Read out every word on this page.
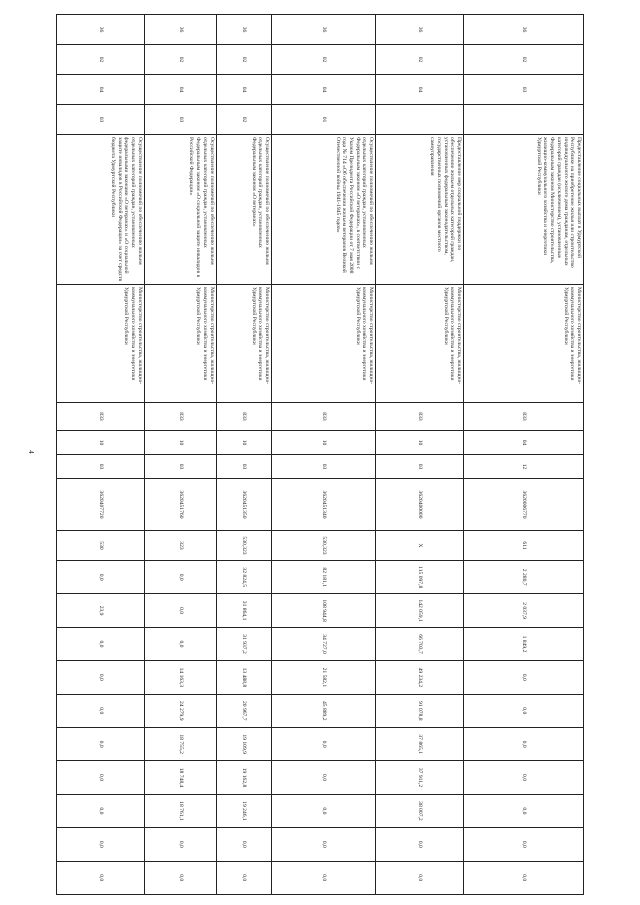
4
36	02	03		Предоставление социальных выплат в Удмуртской Республике на приобретение жилья или строительство индивидуального жилого дома гражданам, отдельных категорий граждан (исключением), установленные Федеральным законом Министерство строительства, жилищно-коммунального хозяйства и энергетики Удмуртской Республики	Министерство строительства, жилищно-коммунального хозяйства и энергетики Удмуртской Республики	833	04	12	3620006770	611	2 280,7	2 037,9	1 849,2	0,0	0,0	0,0	0,0	0,0	0,0	0,0
36	02	04		Предоставление мер социальной поддержки по обеспечению жильем отдельных категорий граждан, установленных федеральным законодательством, государственных полномочий органов местного самоуправления	Министерство строительства, жилищно-коммунального хозяйства и энергетики Удмуртской Республики	833	10	03	3620400000	Х	115 097,8	142 059,1	66 703,7	49 234,2	91 078,8	37 865,1	37 911,2	38 007,2	0,0	0,0
36	02	04	01	Осуществление полномочий по обеспечению жильем отдельных категорий граждан, установленных Федеральным законом «О ветеранах», в соответствии с Указом Президента Российской Федерации от 7 мая 2008 года № 714 «Об обеспечении жильем ветеранов Великой Отечественной войны 1941-1945 годов»	Министерство строительства, жилищно-коммунального хозяйства и энергетики Удмуртской Республики	833	10	03	3620451340	530,323	82 181,1	108 944,8	34 727,0	21 582,1	45 889,2	0,0	0,0	0,0	0,0	0,0
36	02	04	02	Осуществление полномочий по обеспечению жильем отдельных категорий граждан, установленных Федеральным законом «О ветеранах»	Министерство строительства, жилищно-коммунального хозяйства и энергетики Удмуртской Республики	833	10	03	3620451350	530,323	32 824,5	31 864,1	31 937,2	13 488,8	20 967,7	19 109,9	19 162,8	19 246,1	0,0	0,0
36	02	04	03	Осуществление полномочий по обеспечению жильем отдельных категорий граждан, установленных Федеральным законом «О социальной защите инвалидов в Российской Федерации»	Министерство строительства, жилищно-коммунального хозяйства и энергетики Удмуртской Республики	833	10	03	3620451760	323	0,0	0,0	0,0	14 163,3	24 279,9	18 755,2	18 748,4	18 761,1	0,0	0,0
36	02	04	03	Осуществление полномочий по обеспечению жильем отдельных категорий граждан, установленных федеральными законами «О ветеранах» и «О социальной защите инвалидов в Российской Федерации» за счет средств бюджета Удмуртской Республики	Министерство строительства, жилищно-коммунального хозяйства и энергетики Удмуртской Республики	833	10	03	3620407720	530	0,0	23,9	0,0	0,0	0,0	0,0	0,0	0,0	0,0	0,0
